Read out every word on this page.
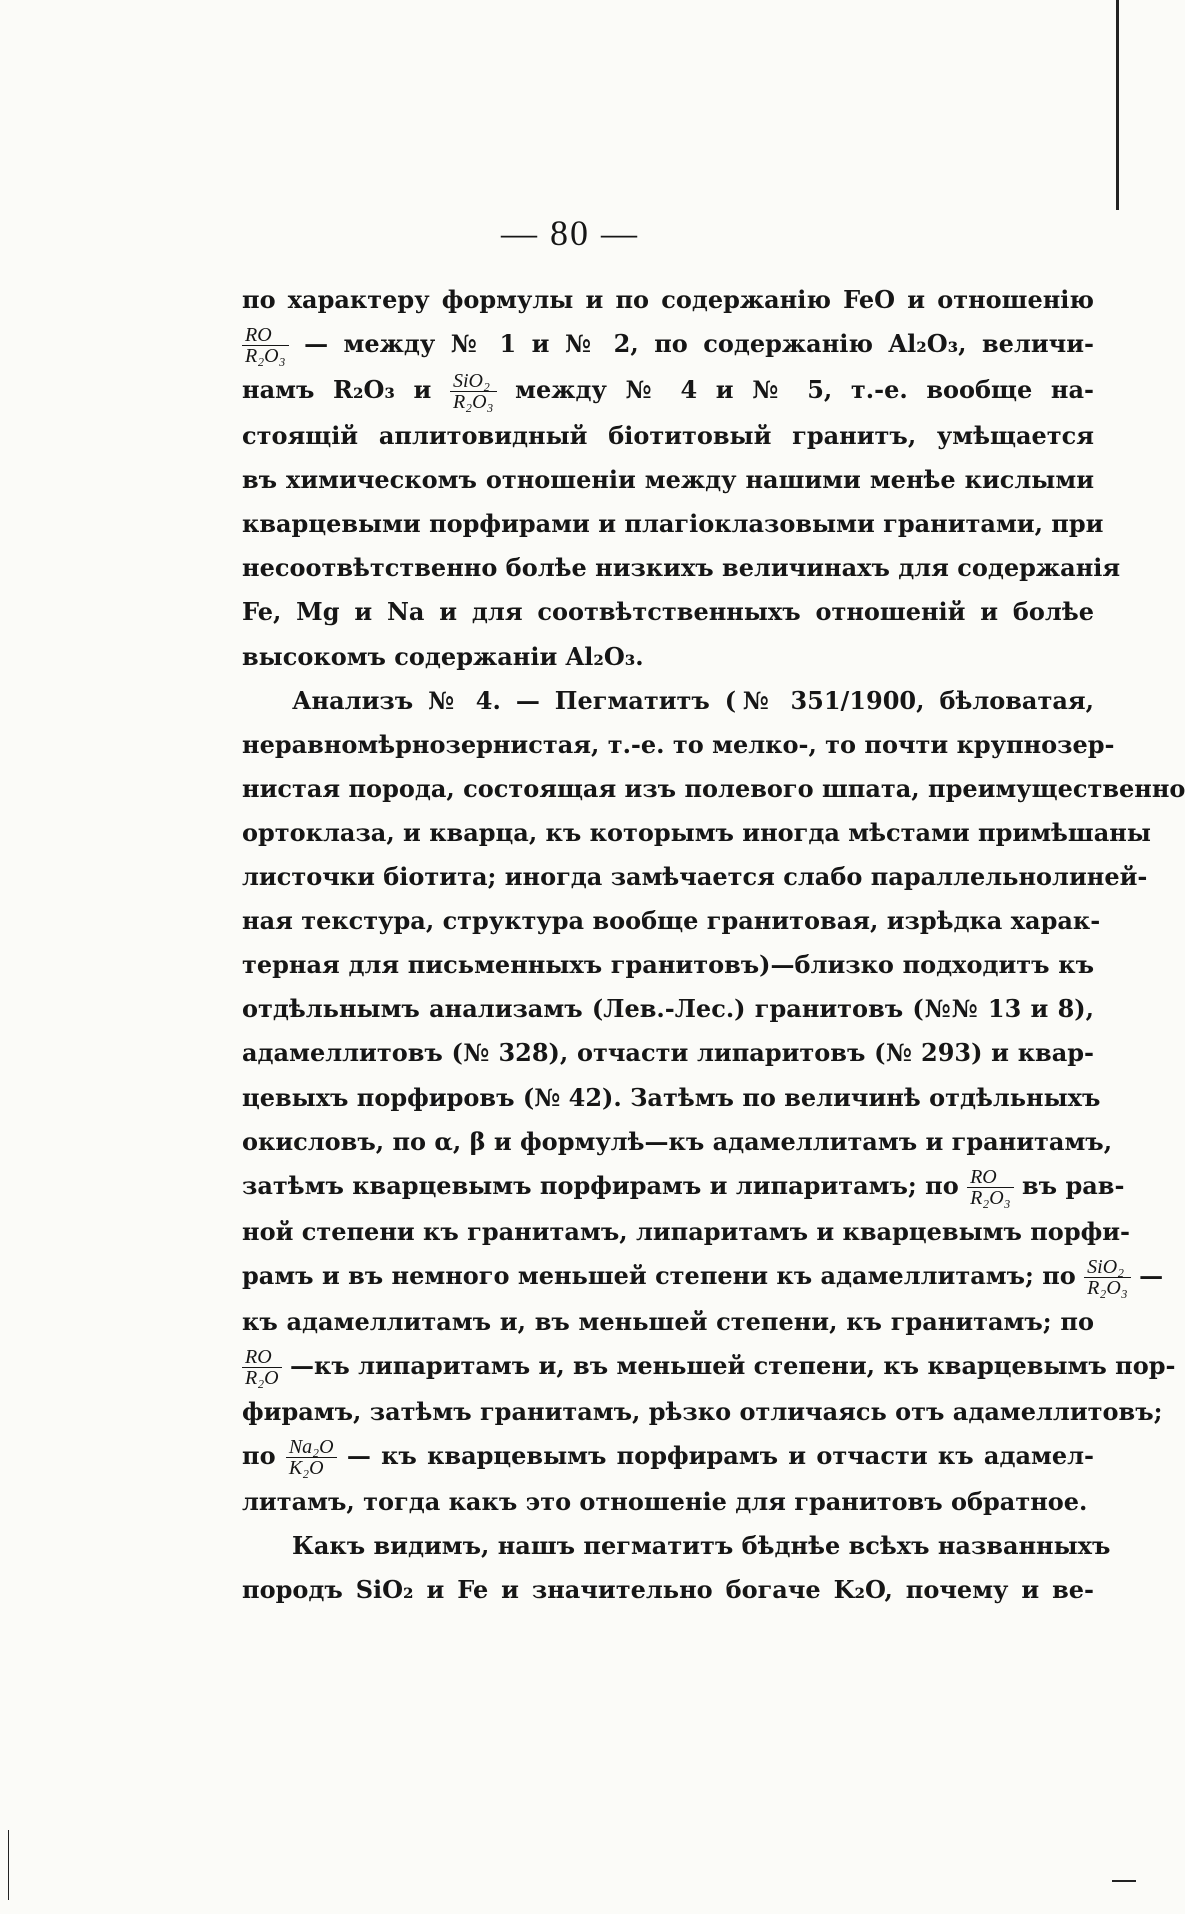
— 80 —
по характеру формулы и по содержанію FeO и отношенію
$\frac{RO}{\text{R₂O₃}}$ — между № 1 и № 2, по содержанію Al₂O₃, величи-
намъ R₂O₃ и $\frac{\text{SiO₂}}{\text{R₂O₃}}$ между № 4 и № 5, т.-е. вообще на-
стоящій аплитовидный біотитовый гранитъ, умѣщается
въ химическомъ отношеніи между нашими менѣе кислыми
кварцевыми порфирами и плагіоклазовыми гранитами, при
несоотвѣтственно болѣе низкихъ величинахъ для содержанія
Fe, Mg и Na и для соотвѣтственныхъ отношеній и болѣе
высокомъ содержаніи Al₂O₃.
Анализъ № 4. — Пегматитъ (№ 351/1900, бѣловатая,
неравномѣрнозернистая, т.-е. то мелко-, то почти крупнозер-
нистая порода, состоящая изъ полевого шпата, преимущественно
ортоклаза, и кварца, къ которымъ иногда мѣстами примѣшаны
листочки біотита; иногда замѣчается слабо параллельнолиней-
ная текстура, структура вообще гранитовая, изрѣдка харак-
терная для письменныхъ гранитовъ)—близко подходитъ къ
отдѣльнымъ анализамъ (Лев.-Лес.) гранитовъ (№№ 13 и 8),
адамеллитовъ (№ 328), отчасти липаритовъ (№ 293) и квар-
цевыхъ порфировъ (№ 42). Затѣмъ по величинѣ отдѣльныхъ
окисловъ, по α, β и формулѣ—къ адамеллитамъ и гранитамъ,
затѣмъ кварцевымъ порфирамъ и липаритамъ; по $\frac{RO}{\text{R₂O₃}}$ въ рав-
ной степени къ гранитамъ, липаритамъ и кварцевымъ порфи-
рамъ и въ немного меньшей степени къ адамеллитамъ; по $\frac{\text{SiO₂}}{\text{R₂O₃}}$ —
къ адамеллитамъ и, въ меньшей степени, къ гранитамъ; по
$\frac{RO}{\text{R₂O}}$ —къ липаритамъ и, въ меньшей степени, къ кварцевымъ пор-
фирамъ, затѣмъ гранитамъ, рѣзко отличаясь отъ адамеллитовъ;
по $\frac{\text{Na₂O}}{\text{K₂O}}$ — къ кварцевымъ порфирамъ и отчасти къ адамел-
литамъ, тогда какъ это отношеніе для гранитовъ обратное.
Какъ видимъ, нашъ пегматитъ бѣднѣе всѣхъ названныхъ
породъ SiO₂ и Fe и значительно богаче K₂O, почему и ве-
